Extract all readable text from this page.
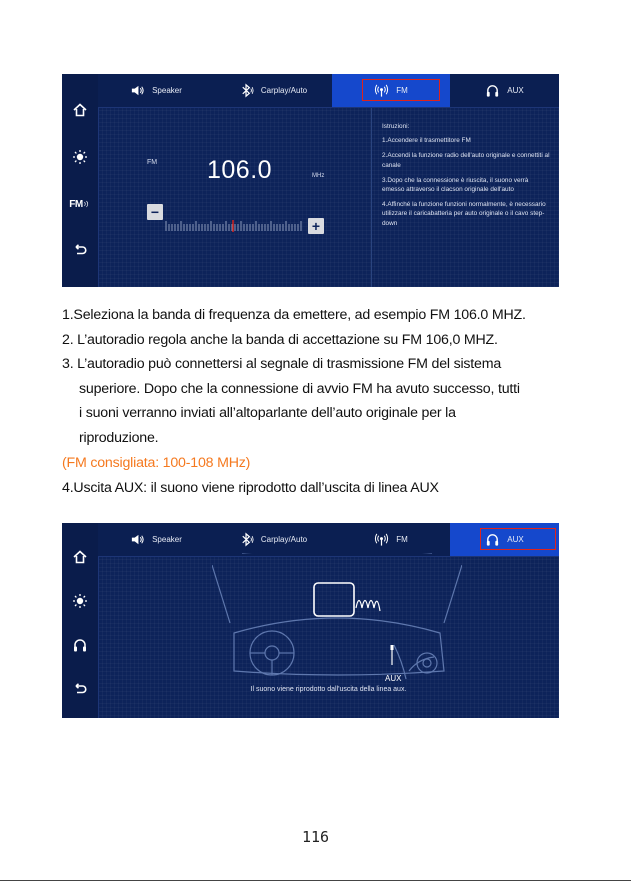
FM
Speaker	Carplay/Auto	FM	AUX
FM 106.0	MHz
−
+

Istruzioni:

1.Accendere il trasmettitore FM

2.Accendi la funzione radio dell'auto originale e connettiti al canale

3.Dopo che la connessione è riuscita, il suono verrà emesso attraverso il clacson originale dell'auto

4.Affinché la funzione funzioni normalmente, è necessario utilizzare il caricabatteria per auto originale o il cavo step-down

1.Seleziona la banda di frequenza da emettere, ad esempio FM 106.0 MHZ.
2. L’autoradio regola anche la banda di accettazione su FM 106,0 MHZ.
3. L’autoradio può connettersi al segnale di trasmissione FM del sistema
superiore. Dopo che la connessione di avvio FM ha avuto successo, tutti
i suoni verranno inviati all’altoparlante dell’auto originale per la
riproduzione.
(FM consigliata: 100-108 MHz)
4.Uscita AUX: il suono viene riprodotto dall’uscita di linea AUX
Speaker	Carplay/Auto	FM	AUX
AUX
Il suono viene riprodotto dall'uscita della linea aux.
116
